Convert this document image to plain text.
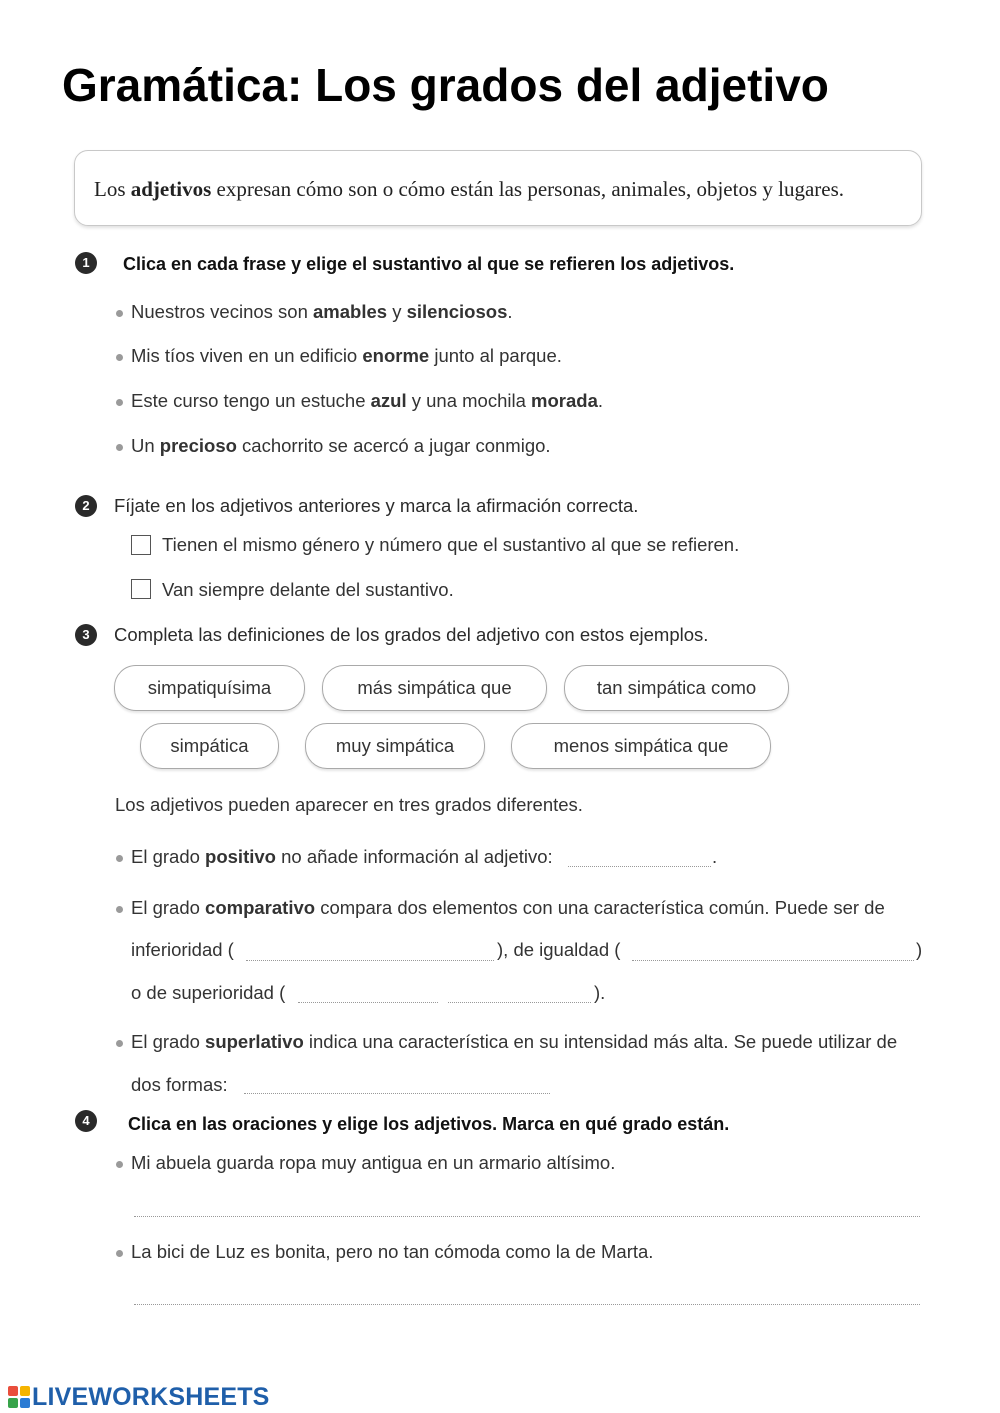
Gramática: Los grados del adjetivo
Los adjetivos expresan cómo son o cómo están las personas, animales, objetos y lugares.
1	Clica en cada frase y elige el sustantivo al que se refieren los adjetivos.
Nuestros vecinos son amables y silenciosos.
Mis tíos viven en un edificio enorme junto al parque.
Este curso tengo un estuche azul y una mochila morada.
Un precioso cachorrito se acercó a jugar conmigo.
2	Fíjate en los adjetivos anteriores y marca la afirmación correcta.
Tienen el mismo género y número que el sustantivo al que se refieren.
Van siempre delante del sustantivo.
3	Completa las definiciones de los grados del adjetivo con estos ejemplos.
simpatiquísima	más simpática que	tan simpática como
simpática	muy simpática	menos simpática que
Los adjetivos pueden aparecer en tres grados diferentes.
El grado positivo no añade información al adjetivo:	.
El grado comparativo compara dos elementos con una característica común. Puede ser de
inferioridad (	), de igualdad (	)
o de superioridad (	).
El grado superlativo indica una característica en su intensidad más alta. Se puede utilizar de
dos formas:
4	Clica en las oraciones y elige los adjetivos. Marca en qué grado están.
Mi abuela guarda ropa muy antigua en un armario altísimo.
La bici de Luz es bonita, pero no tan cómoda como la de Marta.
LIVEWORKSHEETS
